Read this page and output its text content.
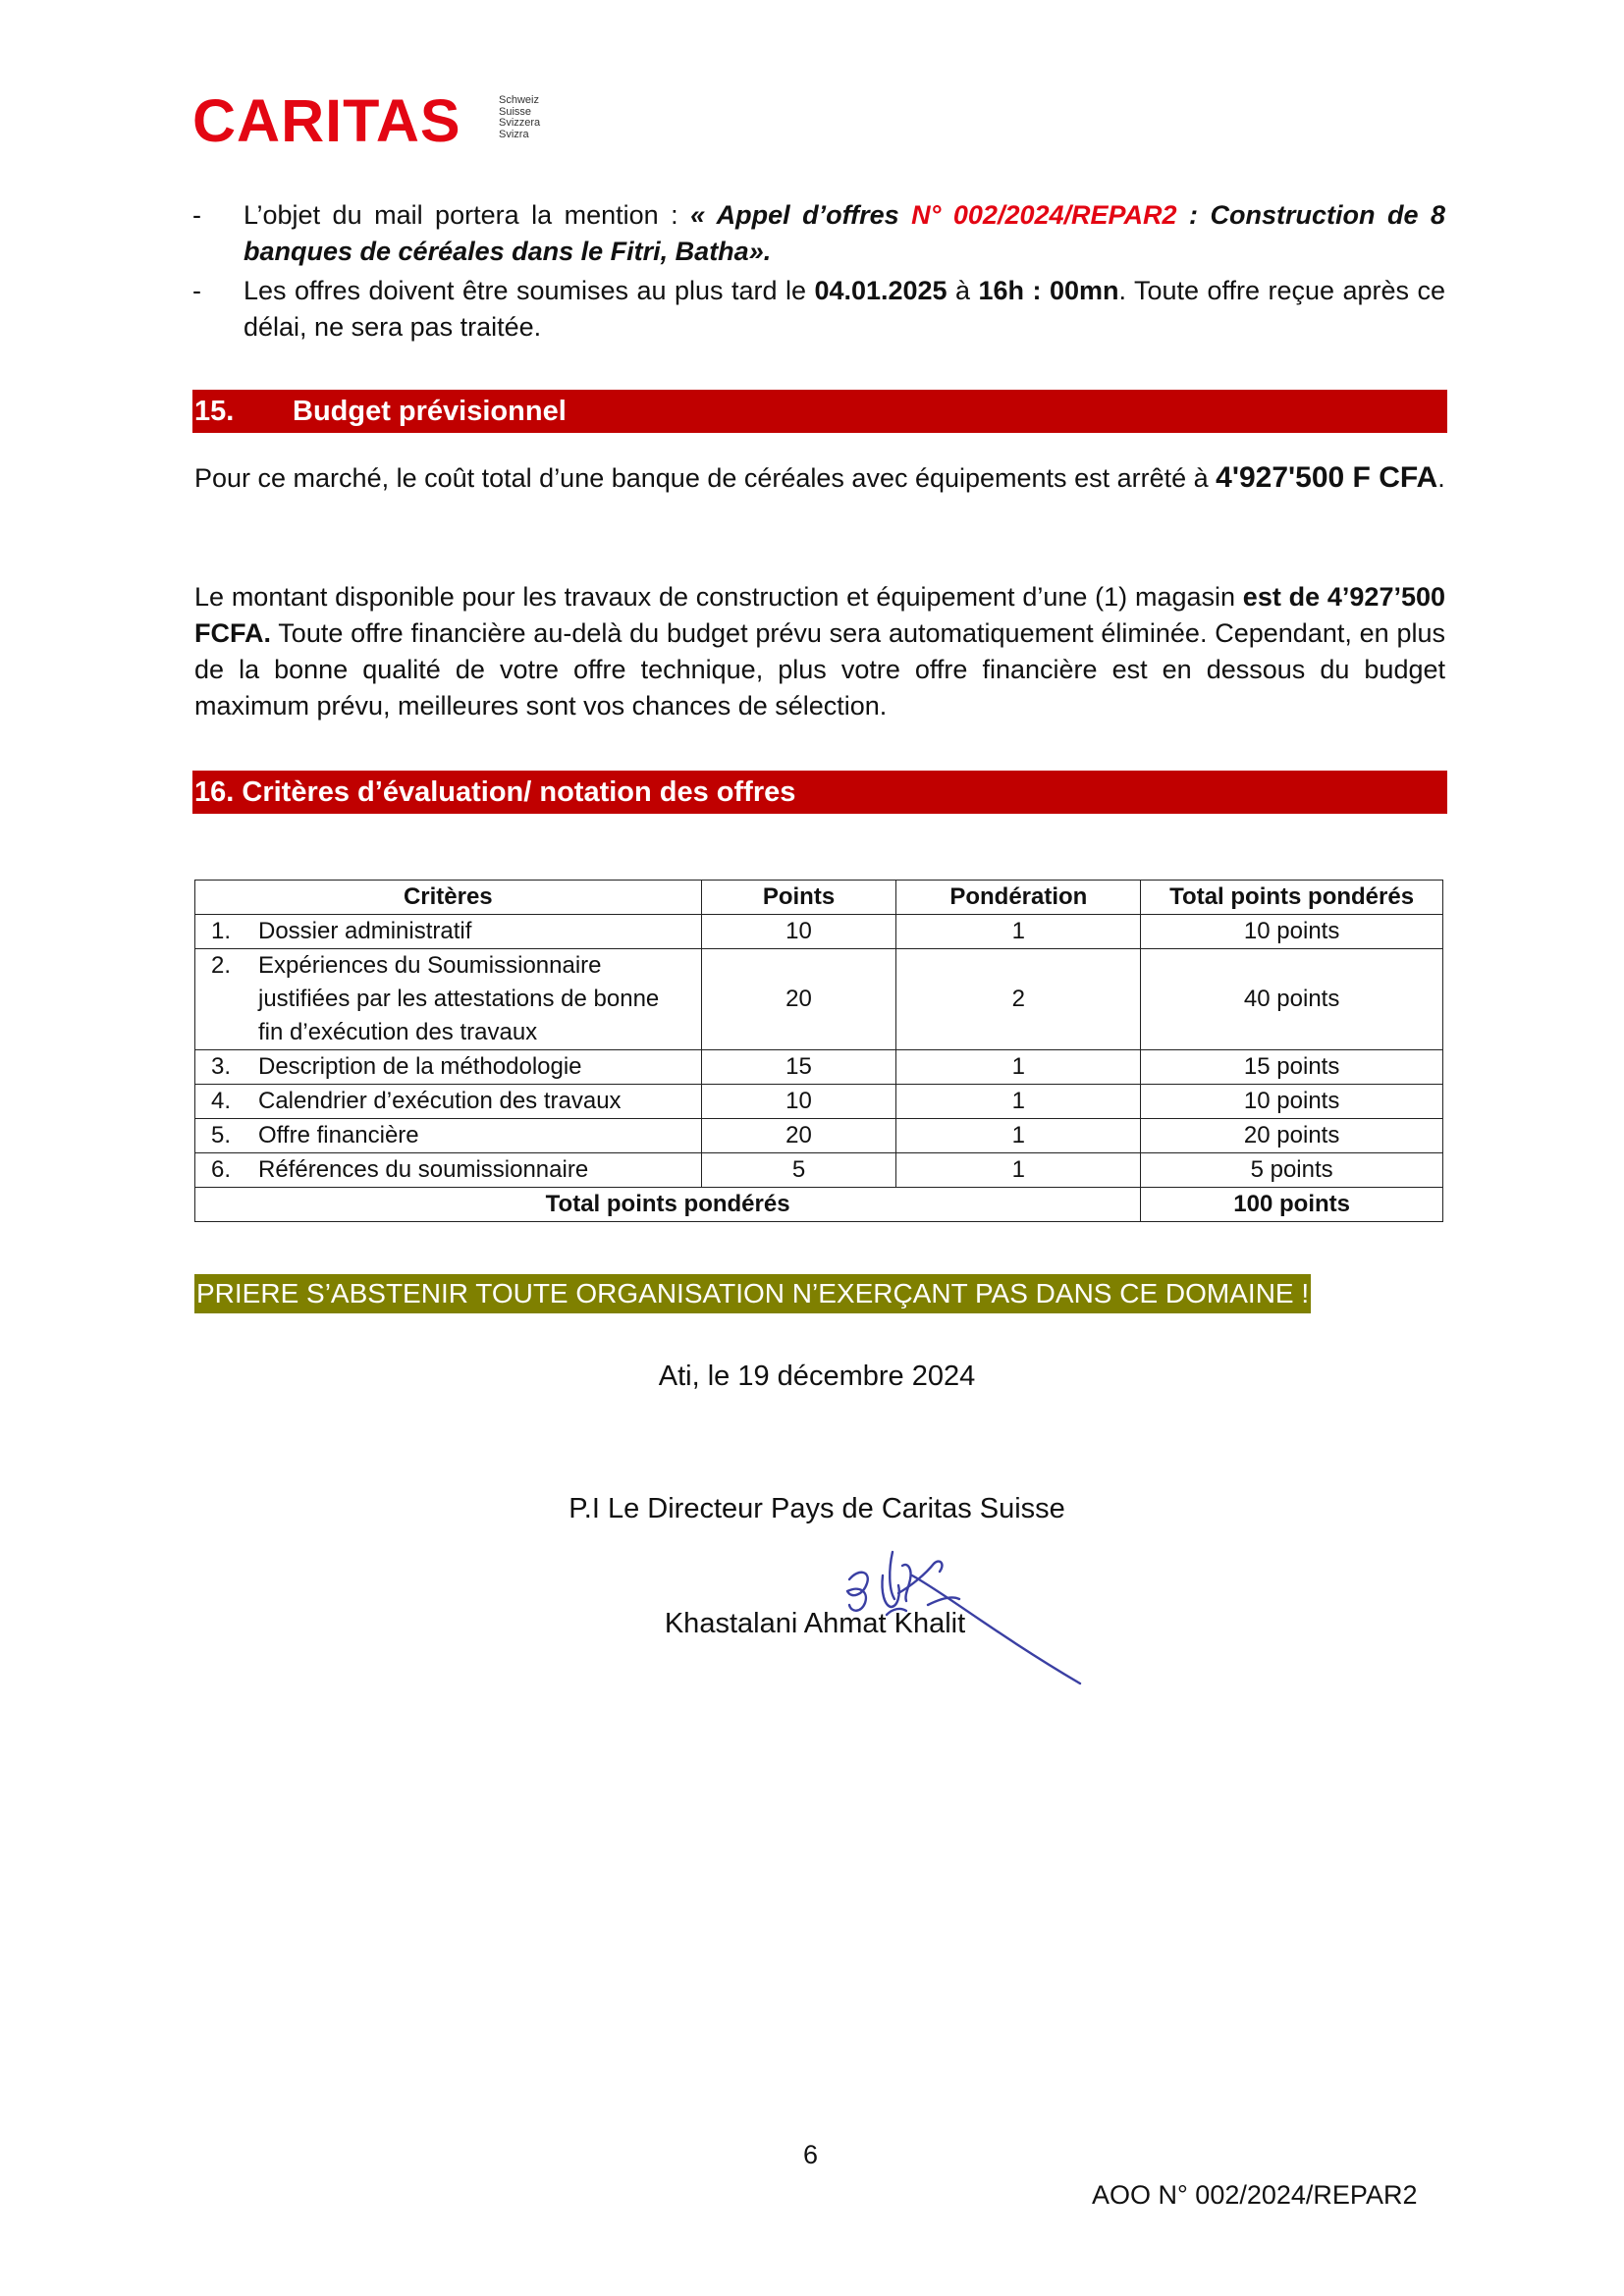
CARITAS	Schweiz
Suisse
Svizzera
Svizra
- L’objet du mail portera la mention : « Appel d’offres N° 002/2024/REPAR2 : Construction de 8 banques de céréales dans le Fitri, Batha».
- Les offres doivent être soumises au plus tard le 04.01.2025 à 16h : 00mn. Toute offre reçue après ce délai, ne sera pas traitée.
15. Budget prévisionnel
Pour ce marché, le coût total d’une banque de céréales avec équipements est arrêté à 4'927'500 F CFA.
Le montant disponible pour les travaux de construction et équipement d’une (1) magasin est de 4’927’500 FCFA. Toute offre financière au-delà du budget prévu sera automatiquement éliminée. Cependant, en plus de la bonne qualité de votre offre technique, plus votre offre financière est en dessous du budget maximum prévu, meilleures sont vos chances de sélection.
16. Critères d’évaluation/ notation des offres
Critères	Points	Pondération	Total points pondérés

1. Dossier administratif	10	1	10 points

2. Expériences du Soumissionnaire justifiées par les attestations de bonne fin d’exécution des travaux	20	2	40 points

3. Description de la méthodologie	15	1	15 points

4. Calendrier d’exécution des travaux	10	1	10 points

5. Offre financière	20	1	20 points

6. Références du soumissionnaire	5	1	5 points
Total points pondérés			100 points
PRIERE S’ABSTENIR TOUTE ORGANISATION N’EXERÇANT PAS DANS CE DOMAINE !
Ati, le 19 décembre 2024
P.I Le Directeur Pays de Caritas Suisse
Khastalani Ahmat Khalit
6
AOO N° 002/2024/REPAR2
